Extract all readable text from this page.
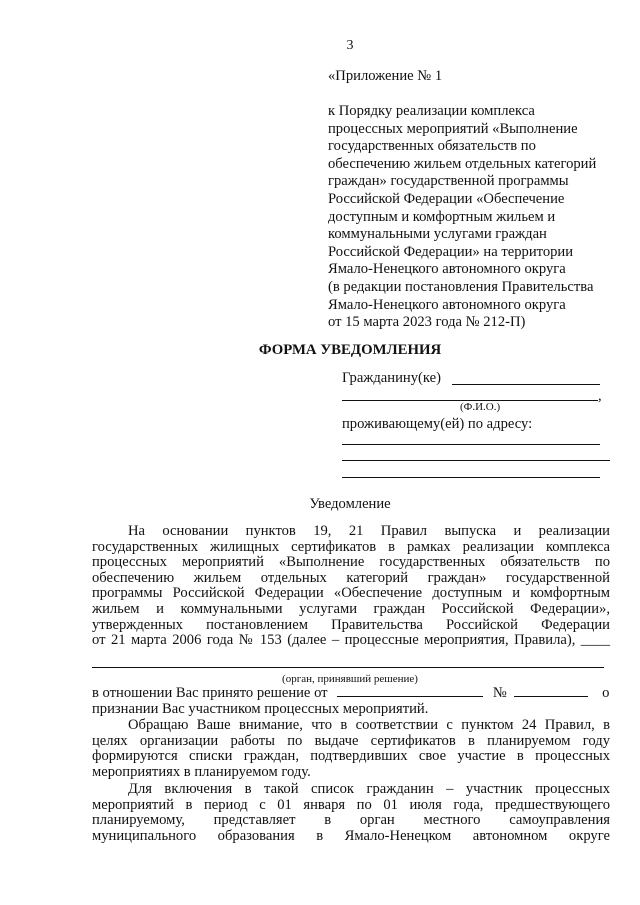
3
«Приложение № 1
к Порядку реализации комплекса
процессных мероприятий «Выполнение
государственных обязательств по
обеспечению жильем отдельных категорий
граждан» государственной программы
Российской Федерации «Обеспечение
доступным и комфортным жильем и
коммунальными услугами граждан
Российской Федерации» на территории
Ямало-Ненецкого автономного округа
(в редакции постановления Правительства
Ямало-Ненецкого автономного округа
от 15 марта 2023 года № 212-П)
ФОРМА УВЕДОМЛЕНИЯ
Гражданину(ке)
,
(Ф.И.О.)
проживающему(ей) по адресу:
Уведомление
На основании пунктов 19, 21 Правил выпуска и реализации
государственных жилищных сертификатов в рамках реализации комплекса
процессных мероприятий «Выполнение государственных обязательств по
обеспечению жильем отдельных категорий граждан» государственной
программы Российской Федерации «Обеспечение доступным и комфортным
жильем и коммунальными услугами граждан Российской Федерации»,
утвержденных постановлением Правительства Российской Федерации
от 21 марта 2006 года № 153 (далее – процессные мероприятия, Правила), ____
(орган, принявший решение)
в отношении Вас принято решение от	№	о
признании Вас участником процессных мероприятий.
Обращаю Ваше внимание, что в соответствии с пунктом 24 Правил, в
целях организации работы по выдаче сертификатов в планируемом году
формируются списки граждан, подтвердивших свое участие в процессных
мероприятиях в планируемом году.
Для включения в такой список гражданин – участник процессных
мероприятий в период с 01 января по 01 июля года, предшествующего
планируемому, представляет в орган местного самоуправления
муниципального образования в Ямало-Ненецком автономном округе
